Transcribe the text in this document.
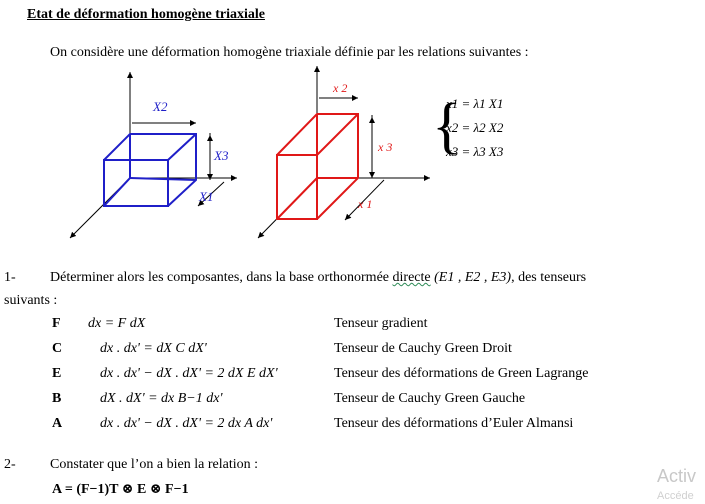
Etat de déformation homogène triaxiale
On considère une déformation homogène triaxiale définie par les relations suivantes :
X2
X3
X1
x 2
x 3
x 1
{
x1 = λ1 X1
x2 = λ2 X2
x3 = λ3 X3
1- Déterminer alors les composantes, dans la base orthonormée directe (E1 , E2 , E3), des tenseurs
suivants :
F dx = F dX	Tenseur gradient
C	dx . dx' = dX C dX'	Tenseur de Cauchy Green Droit
E	dx . dx' − dX . dX' = 2 dX E dX'	Tenseur des déformations de Green Lagrange
B	dX . dX' = dx B−1 dx'	Tenseur de Cauchy Green Gauche
A	dx . dx' − dX . dX' = 2 dx A dx'	Tenseur des déformations d’Euler Almansi
2- Constater que l’on a bien la relation :
A = (F−1)T ⊗ E ⊗ F−1
Activ
Accéde
